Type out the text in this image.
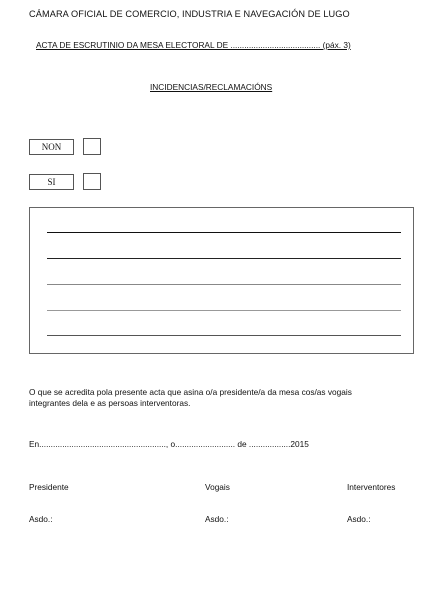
CÁMARA OFICIAL DE COMERCIO, INDUSTRIA E NAVEGACIÓN DE LUGO
ACTA DE ESCRUTINIO DA MESA ELECTORAL DE ....................................... (páx. 3)
INCIDENCIAS/RECLAMACIÓNS
NON
SI
O que se acredita pola presente acta que asina o/a presidente/a da mesa cos/as vogais
integrantes dela e as persoas interventoras.
En......................................................., o.......................... de ..................2015
Presidente	Vogais	Interventores
Asdo.:	Asdo.:	Asdo.:
